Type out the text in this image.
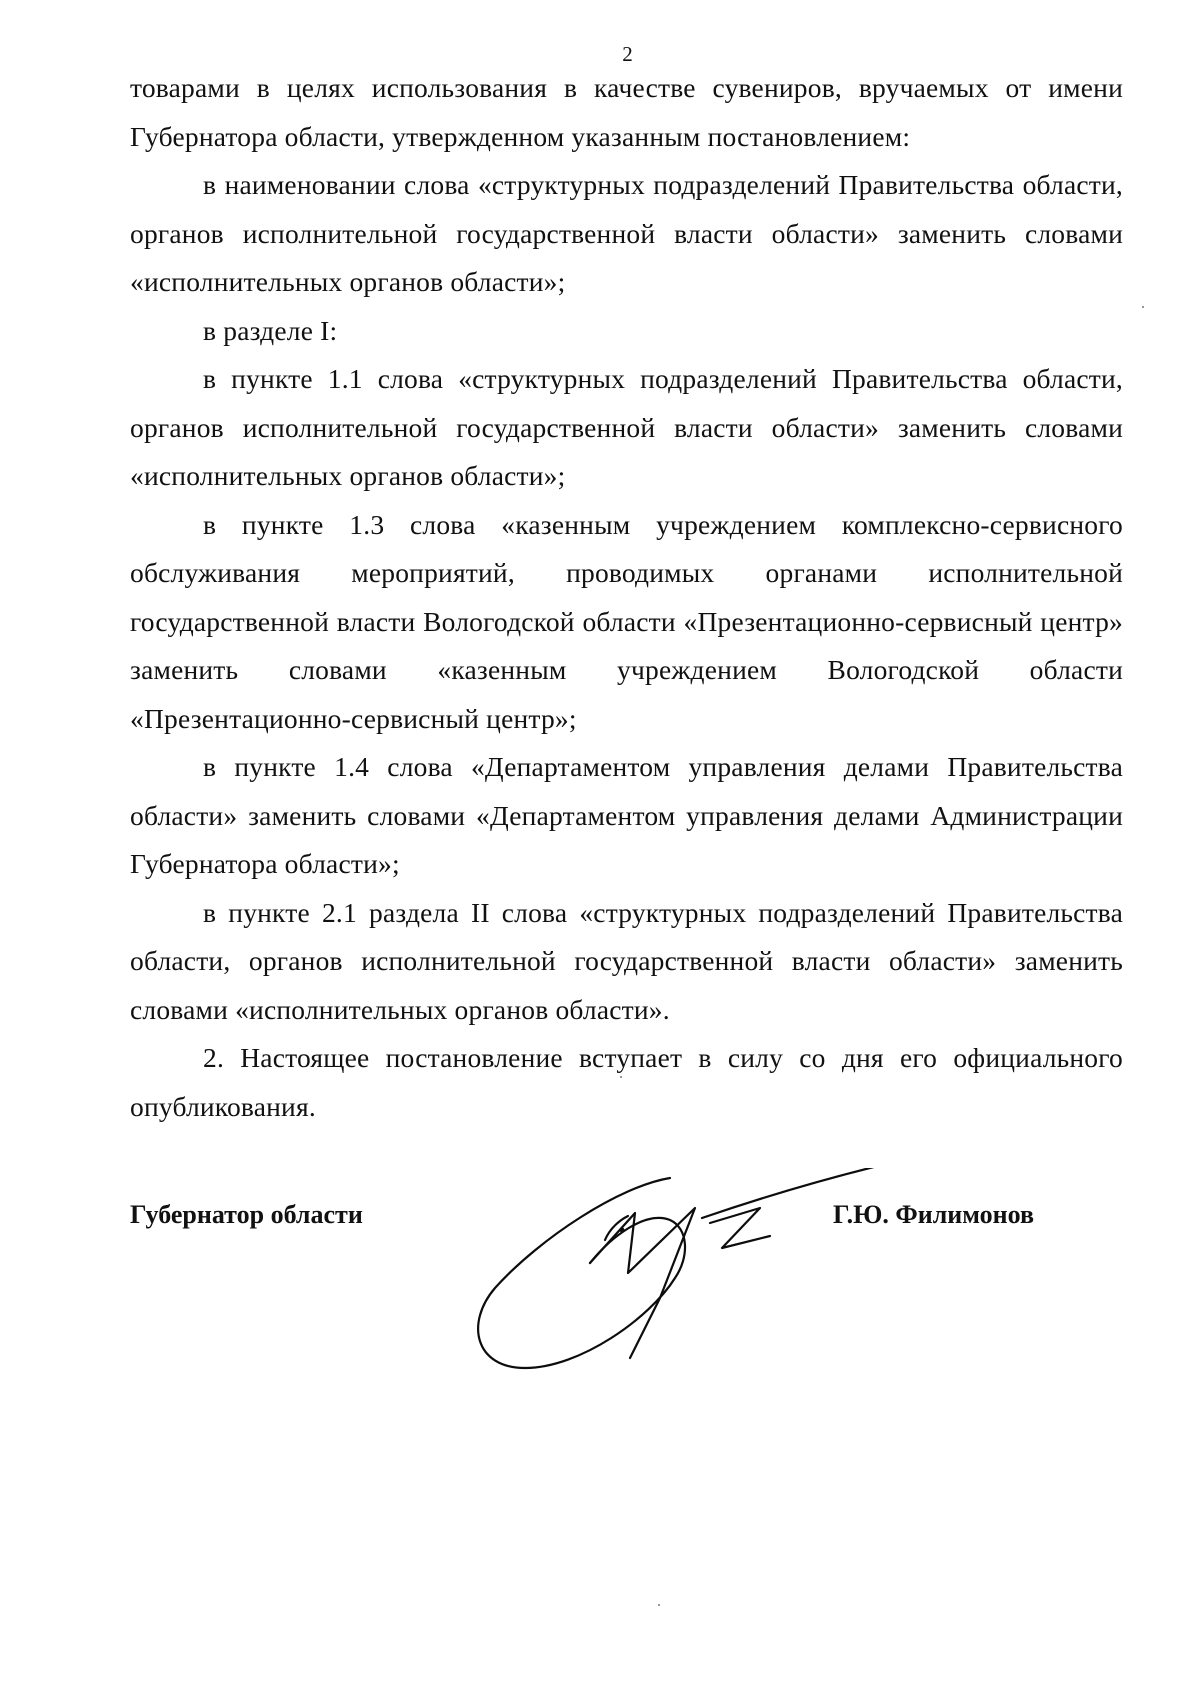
2

товарами в целях использования в качестве сувениров, вручаемых от имени Губернатора области, утвержденном указанным постановлением:

в наименовании слова «структурных подразделений Правительства области, органов исполнительной государственной власти области» заменить словами «исполнительных органов области»;

в разделе I:

в пункте 1.1 слова «структурных подразделений Правительства области, органов исполнительной государственной власти области» заменить словами «исполнительных органов области»;

в пункте 1.3 слова «казенным учреждением комплексно-сервисного обслуживания мероприятий, проводимых органами исполнительной государственной власти Вологодской области «Презентационно-сервисный центр» заменить словами «казенным учреждением Вологодской области «Презентационно-сервисный центр»;

в пункте 1.4 слова «Департаментом управления делами Правительства области» заменить словами «Департаментом управления делами Администрации Губернатора области»;

в пункте 2.1 раздела II слова «структурных подразделений Правительства области, органов исполнительной государственной власти области» заменить словами «исполнительных органов области».

2. Настоящее постановление вступает в силу со дня его официального опубликования.

Губернатор области	Г.Ю. Филимонов
